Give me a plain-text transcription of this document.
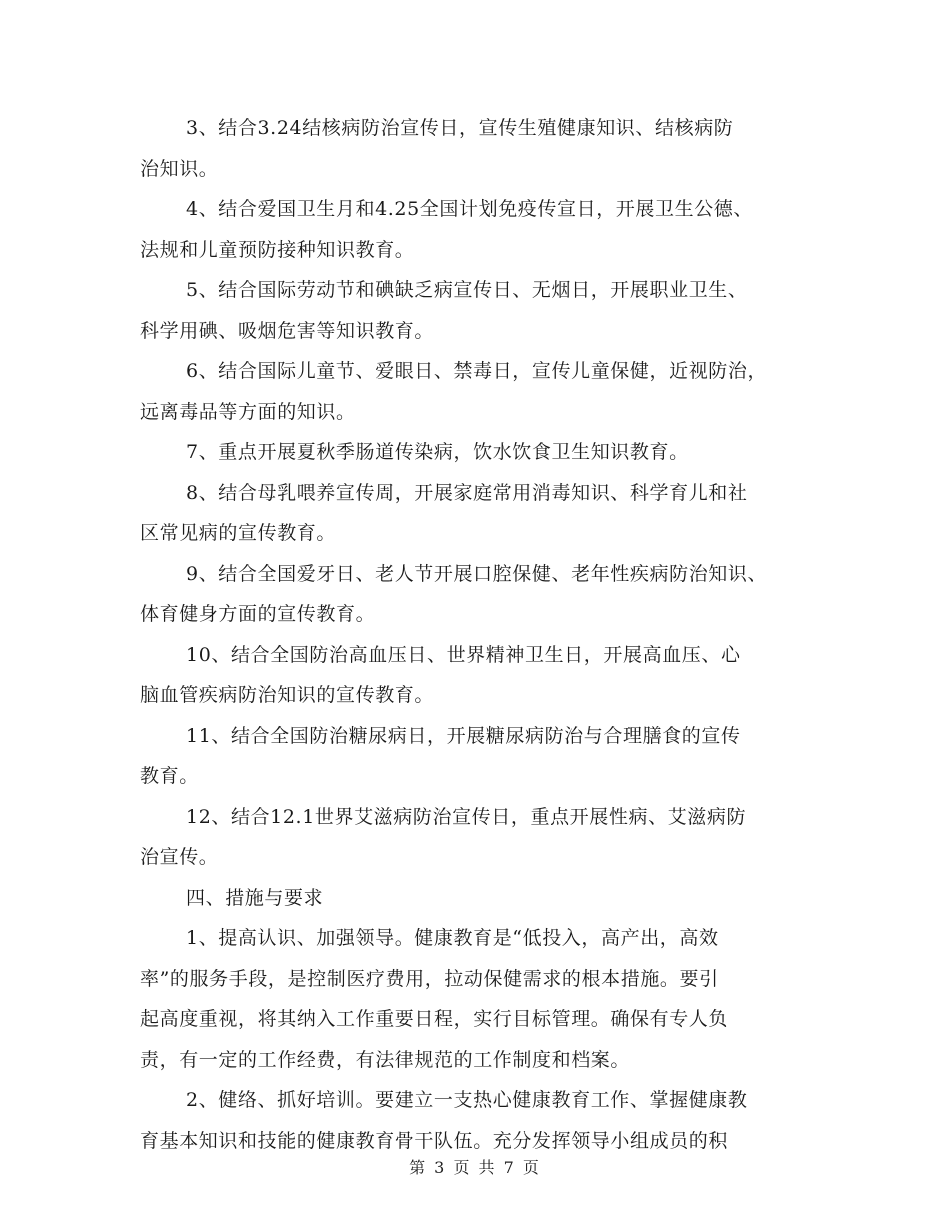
3、结合3.24结核病防治宣传日，宣传生殖健康知识、结核病防
治知识。
4、结合爱国卫生月和4.25全国计划免疫传宣日，开展卫生公德、
法规和儿童预防接种知识教育。
5、结合国际劳动节和碘缺乏病宣传日、无烟日，开展职业卫生、
科学用碘、吸烟危害等知识教育。
6、结合国际儿童节、爱眼日、禁毒日，宣传儿童保健，近视防治，
远离毒品等方面的知识。
7、重点开展夏秋季肠道传染病，饮水饮食卫生知识教育。
8、结合母乳喂养宣传周，开展家庭常用消毒知识、科学育儿和社
区常见病的宣传教育。
9、结合全国爱牙日、老人节开展口腔保健、老年性疾病防治知识、
体育健身方面的宣传教育。
10、结合全国防治高血压日、世界精神卫生日，开展高血压、心
脑血管疾病防治知识的宣传教育。
11、结合全国防治糖尿病日，开展糖尿病防治与合理膳食的宣传
教育。
12、结合12.1世界艾滋病防治宣传日，重点开展性病、艾滋病防
治宣传。
四、措施与要求
1、提高认识、加强领导。健康教育是“低投入，高产出，高效
率”的服务手段，是控制医疗费用，拉动保健需求的根本措施。要引
起高度重视，将其纳入工作重要日程，实行目标管理。确保有专人负
责，有一定的工作经费，有法律规范的工作制度和档案。
2、健络、抓好培训。要建立一支热心健康教育工作、掌握健康教
育基本知识和技能的健康教育骨干队伍。充分发挥领导小组成员的积
第 3 页 共 7 页
